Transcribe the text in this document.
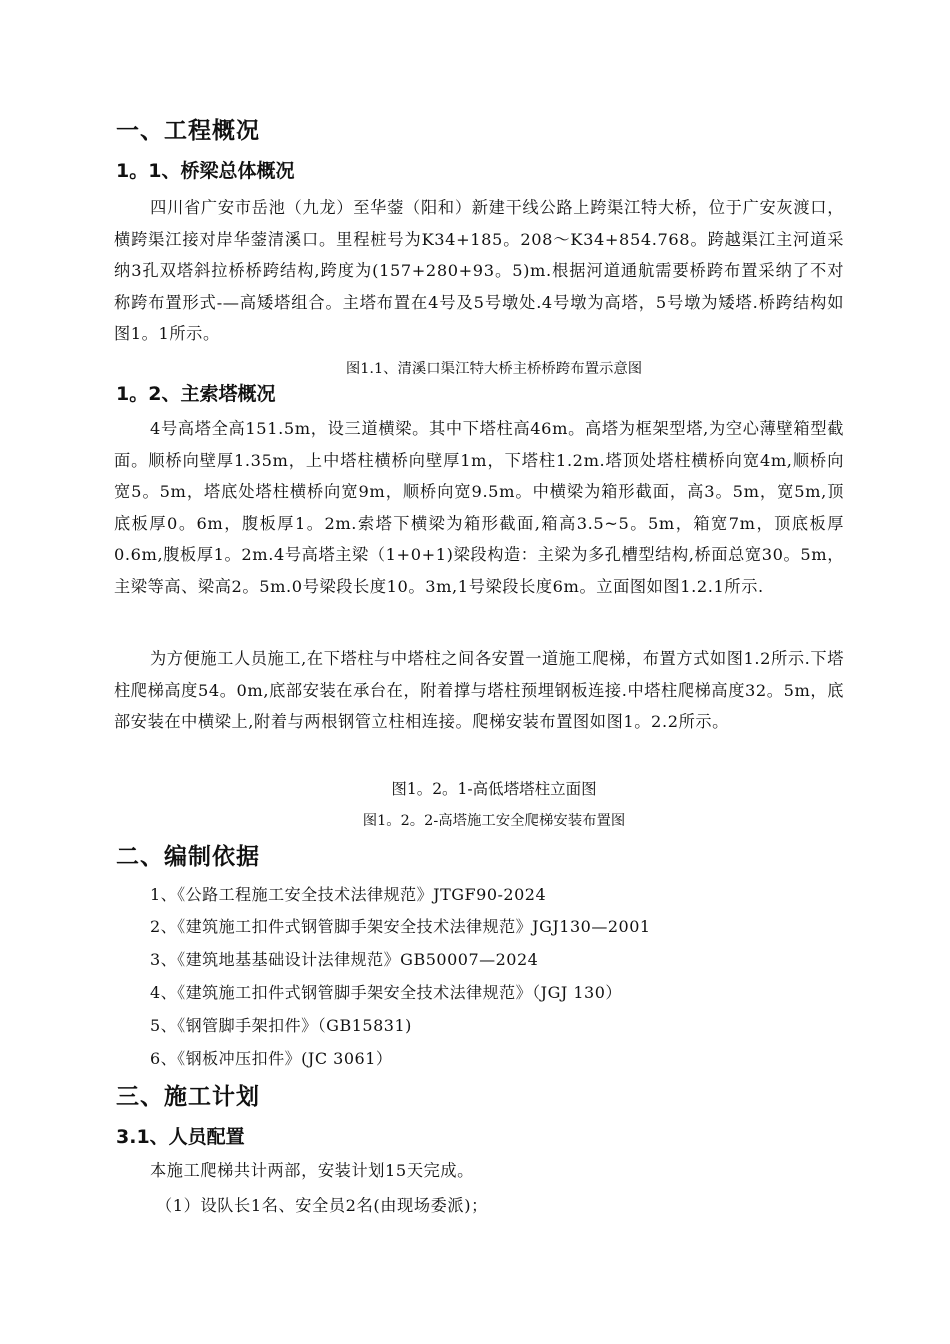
一、工程概况
1。1、桥梁总体概况
四川省广安市岳池（九龙）至华蓥（阳和）新建干线公路上跨渠江特大桥，位于广安灰渡口，横跨渠江接对岸华蓥清溪口。里程桩号为K34+185。208～K34+854.768。跨越渠江主河道采纳3孔双塔斜拉桥桥跨结构,跨度为(157+280+93。5)m.根据河道通航需要桥跨布置采纳了不对称跨布置形式-—高矮塔组合。主塔布置在4号及5号墩处.4号墩为高塔，5号墩为矮塔.桥跨结构如图1。1所示。
图1.1、清溪口渠江特大桥主桥桥跨布置示意图
1。2、主索塔概况
4号高塔全高151.5m，设三道横梁。其中下塔柱高46m。高塔为框架型塔,为空心薄壁箱型截面。顺桥向壁厚1.35m，上中塔柱横桥向壁厚1m，下塔柱1.2m.塔顶处塔柱横桥向宽4m,顺桥向宽5。5m，塔底处塔柱横桥向宽9m，顺桥向宽9.5m。中横梁为箱形截面，高3。5m，宽5m,顶底板厚0。6m，腹板厚1。2m.索塔下横梁为箱形截面,箱高3.5~5。5m，箱宽7m，顶底板厚0.6m,腹板厚1。2m.4号高塔主梁（1+0+1)梁段构造：主梁为多孔槽型结构,桥面总宽30。5m，主梁等高、梁高2。5m.0号梁段长度10。3m,1号梁段长度6m。立面图如图1.2.1所示.
为方便施工人员施工,在下塔柱与中塔柱之间各安置一道施工爬梯，布置方式如图1.2所示.下塔柱爬梯高度54。0m,底部安装在承台在，附着撑与塔柱预埋钢板连接.中塔柱爬梯高度32。5m，底部安装在中横梁上,附着与两根钢管立柱相连接。爬梯安装布置图如图1。2.2所示。
图1。2。1-高低塔塔柱立面图
图1。2。2-高塔施工安全爬梯安装布置图
二、编制依据
1、《公路工程施工安全技术法律规范》JTGF90-2024
2、《建筑施工扣件式钢管脚手架安全技术法律规范》JGJ130—2001
3、《建筑地基基础设计法律规范》GB50007—2024
4、《建筑施工扣件式钢管脚手架安全技术法律规范》（JGJ 130）
5、《钢管脚手架扣件》（GB15831)
6、《钢板冲压扣件》(JC 3061）
三、施工计划
3.1、人员配置
本施工爬梯共计两部，安装计划15天完成。
（1）设队长1名、安全员2名(由现场委派)；
